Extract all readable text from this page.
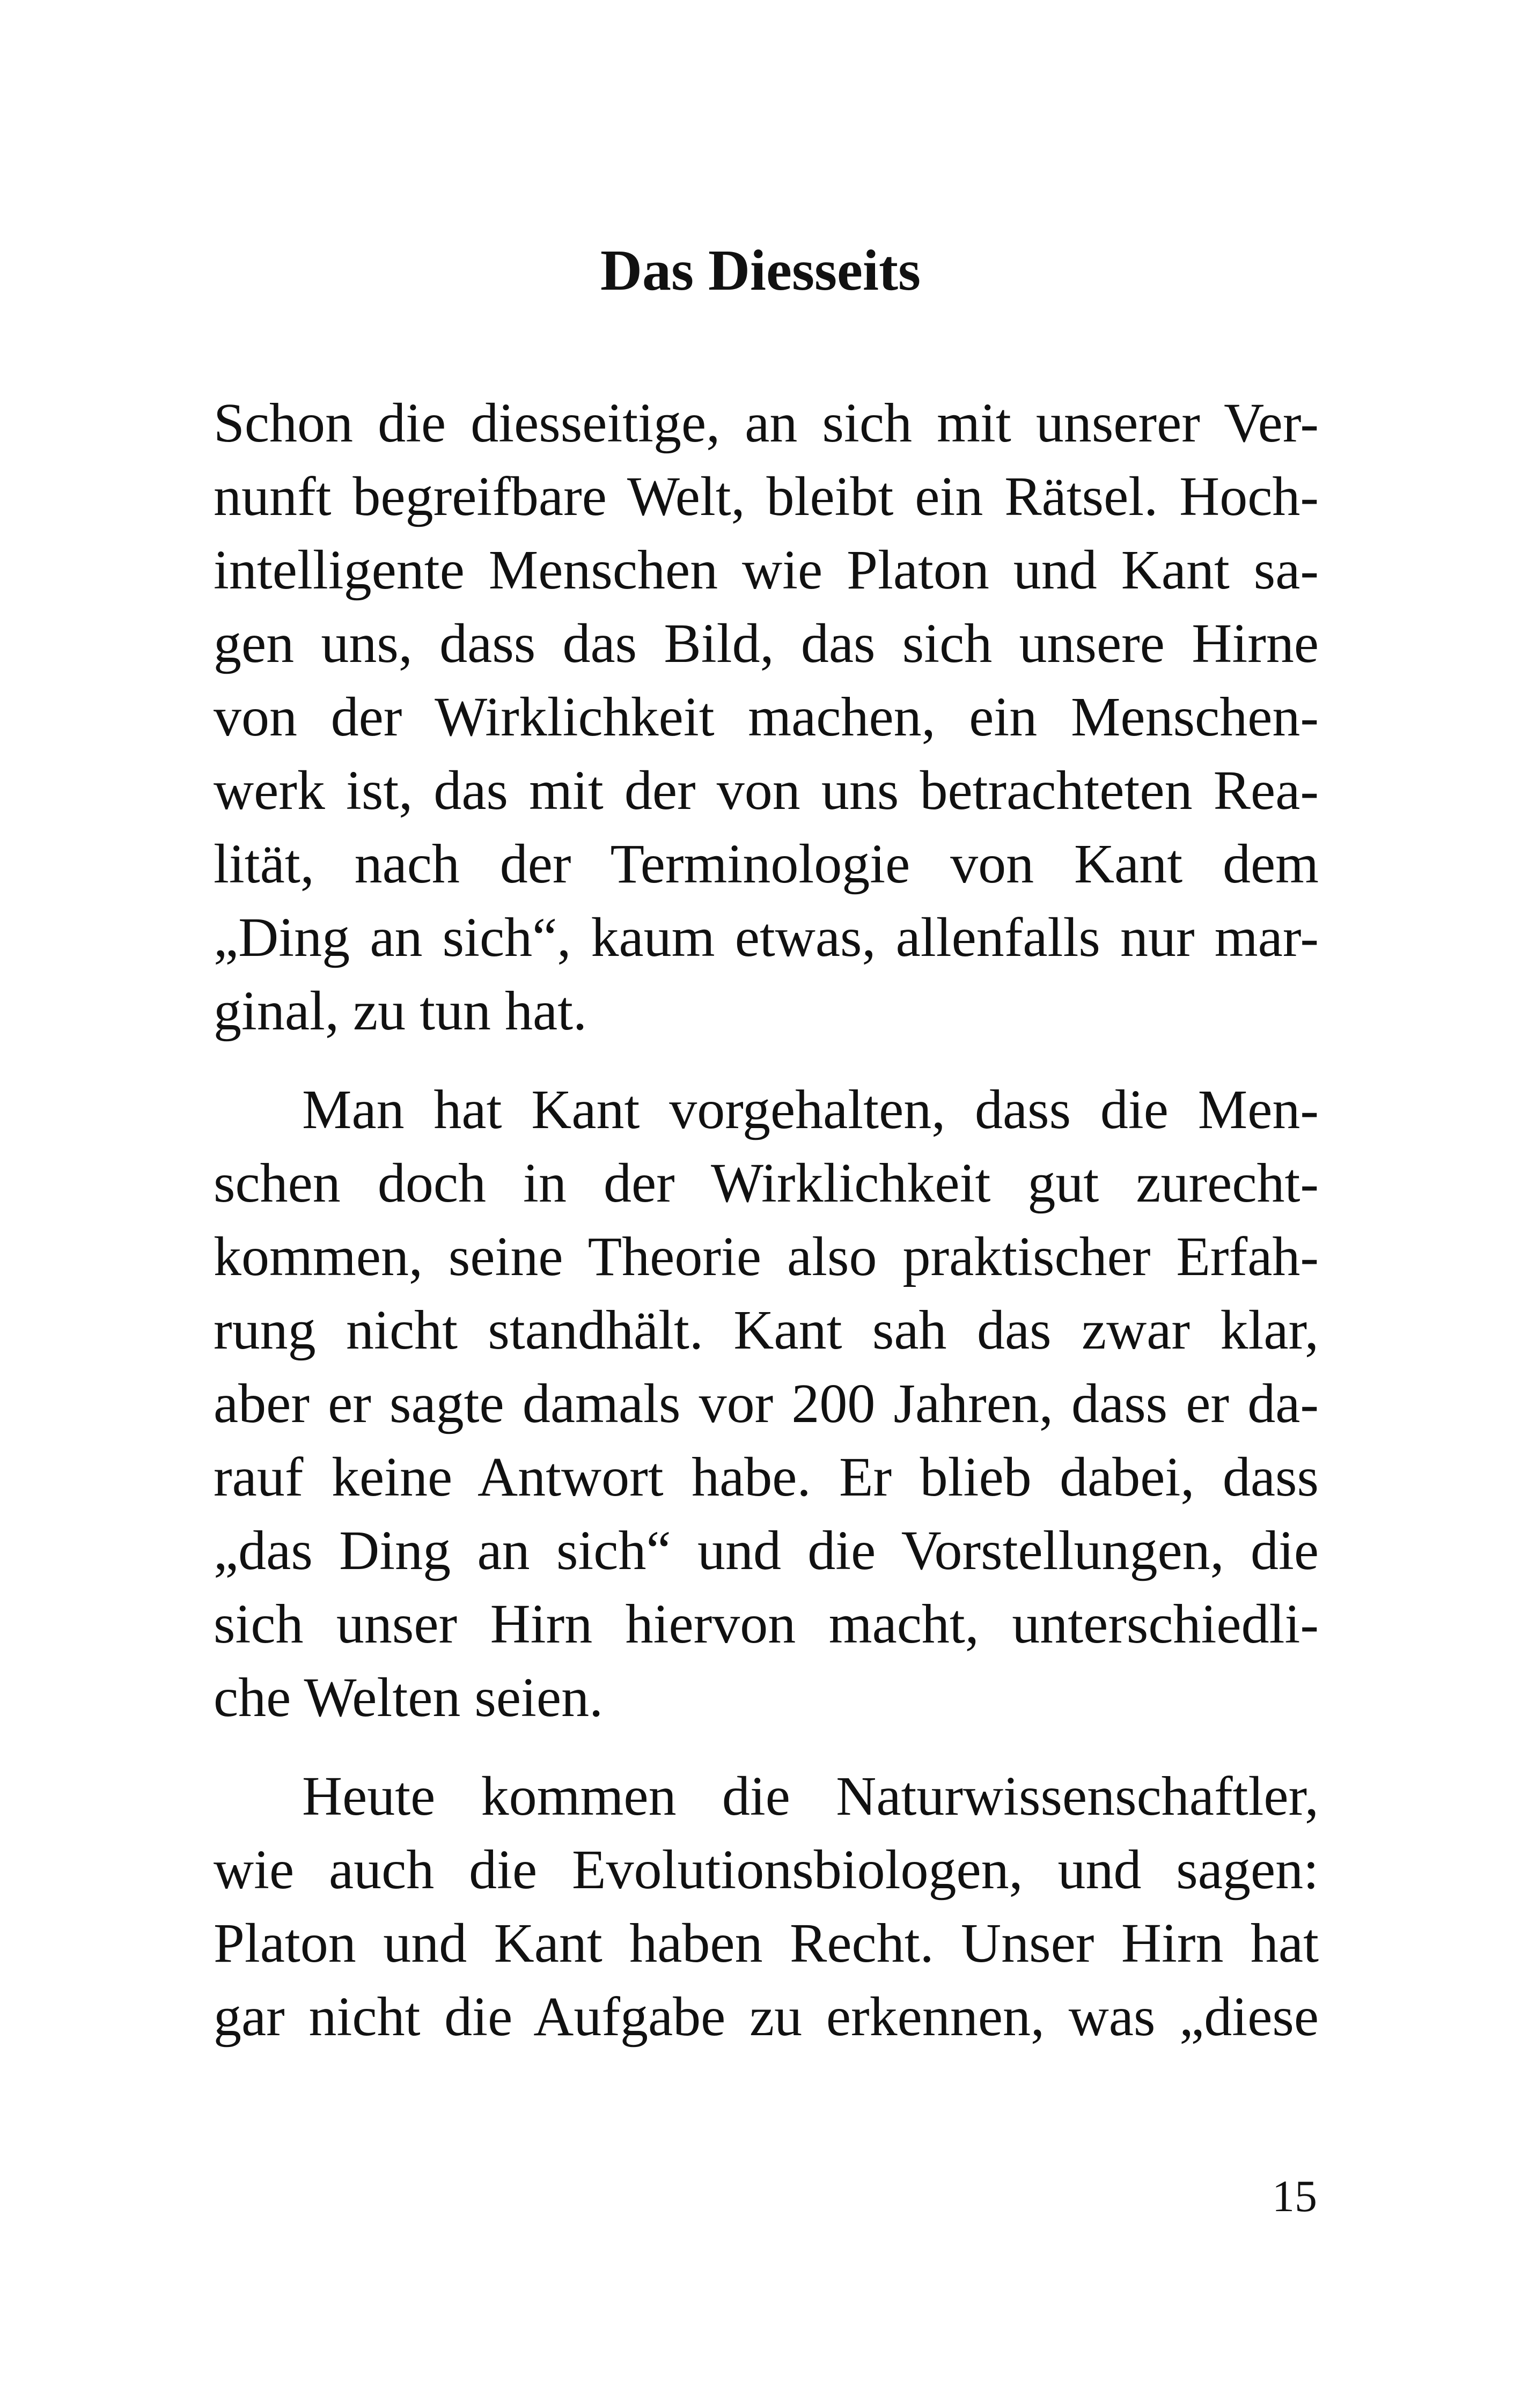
Das Diesseits
Schon die diesseitige, an sich mit unserer Ver-
nunft begreifbare Welt, bleibt ein Rätsel. Hoch-
intelligente Menschen wie Platon und Kant sa-
gen uns, dass das Bild, das sich unsere Hirne
von der Wirklichkeit machen, ein Menschen-
werk ist, das mit der von uns betrachteten Rea-
lität, nach der Terminologie von Kant dem
„Ding an sich“, kaum etwas, allenfalls nur mar-
ginal, zu tun hat.
Man hat Kant vorgehalten, dass die Men-
schen doch in der Wirklichkeit gut zurecht-
kommen, seine Theorie also praktischer Erfah-
rung nicht standhält. Kant sah das zwar klar,
aber er sagte damals vor 200 Jahren, dass er da-
rauf keine Antwort habe. Er blieb dabei, dass
„das Ding an sich“ und die Vorstellungen, die
sich unser Hirn hiervon macht, unterschiedli-
che Welten seien.
Heute kommen die Naturwissenschaftler,
wie auch die Evolutionsbiologen, und sagen:
Platon und Kant haben Recht. Unser Hirn hat
gar nicht die Aufgabe zu erkennen, was „diese
15
